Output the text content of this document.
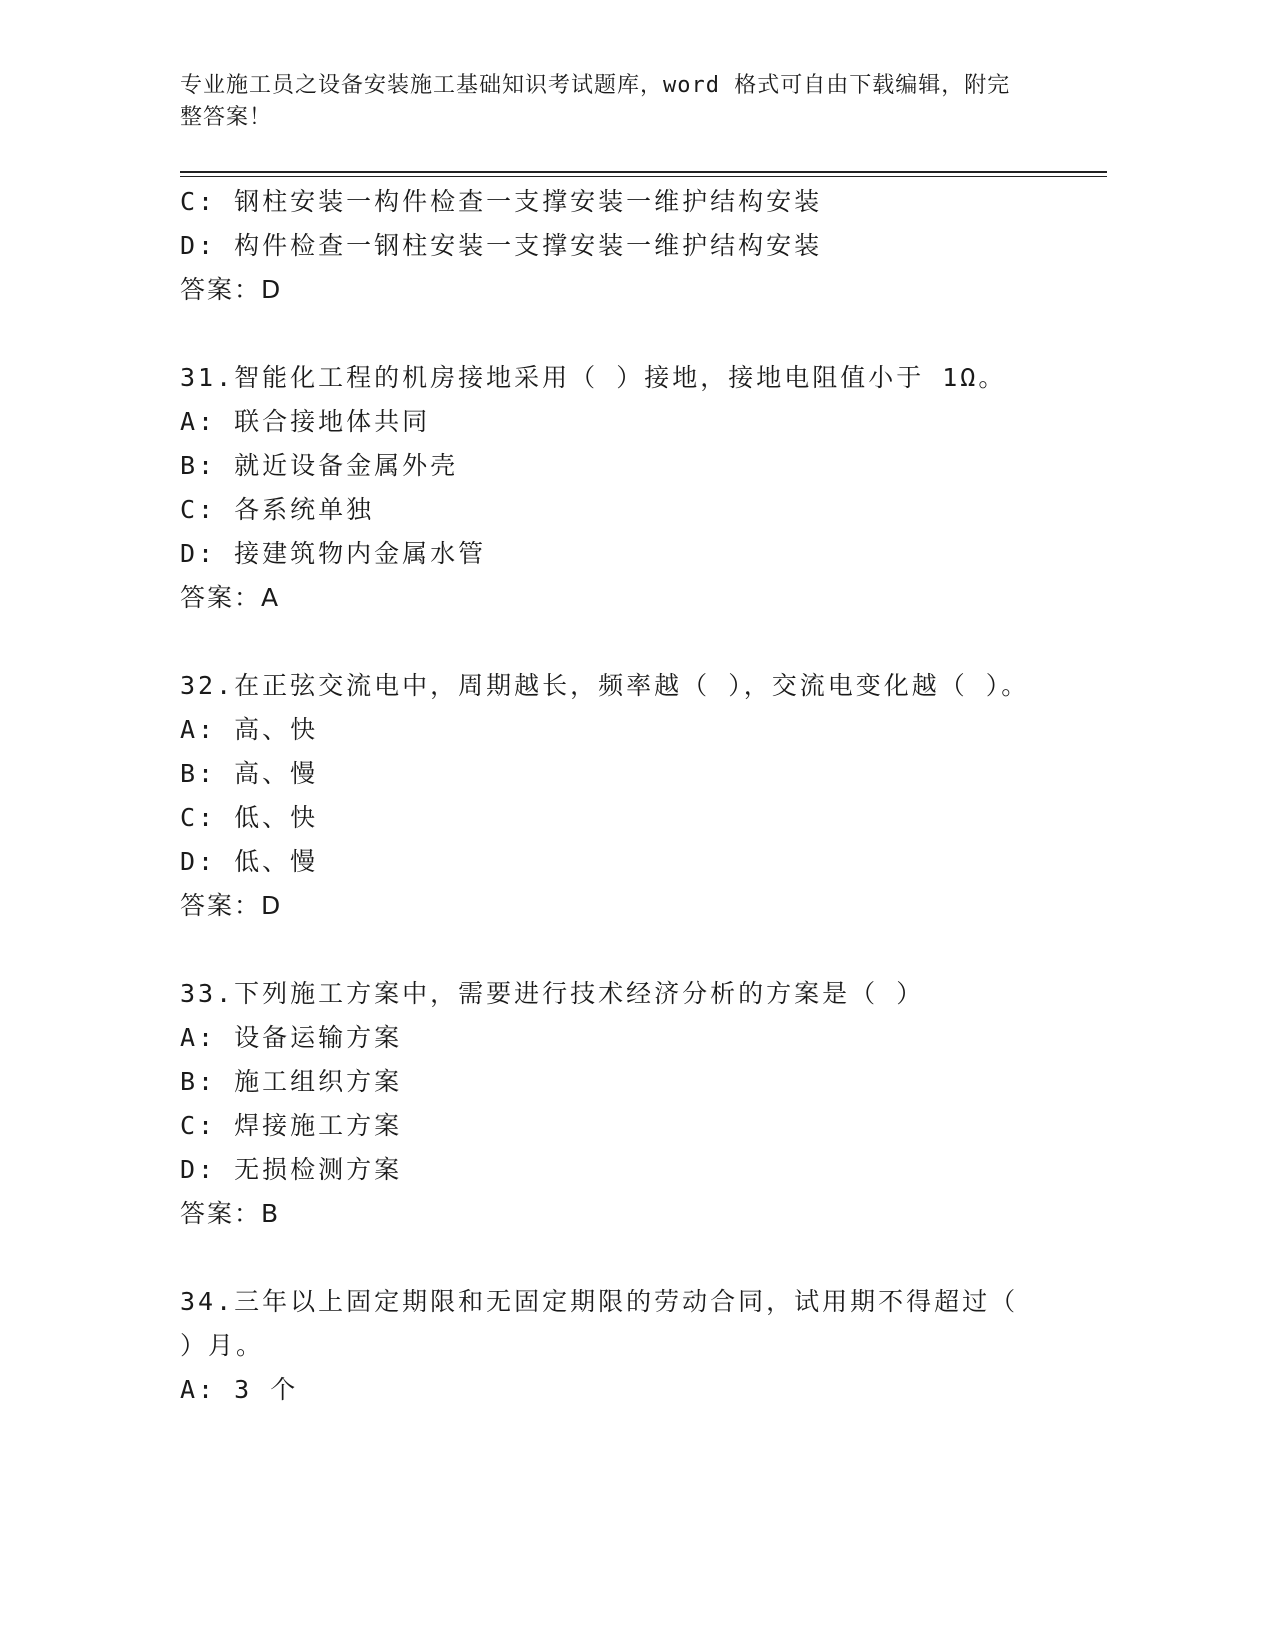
专业施工员之设备安装施工基础知识考试题库，word 格式可自由下载编辑，附完
整答案！
C: 钢柱安装一构件检查一支撑安装一维护结构安装
D: 构件检查一钢柱安装一支撑安装一维护结构安装
答案：D
31.智能化工程的机房接地采用（ ）接地，接地电阻值小于 1Ω。
A: 联合接地体共同
B: 就近设备金属外壳
C: 各系统单独
D: 接建筑物内金属水管
答案：A
32.在正弦交流电中，周期越长，频率越（ ），交流电变化越（ ）。
A: 高、快
B: 高、慢
C: 低、快
D: 低、慢
答案：D
33.下列施工方案中，需要进行技术经济分析的方案是（ ）
A: 设备运输方案
B: 施工组织方案
C: 焊接施工方案
D: 无损检测方案
答案：B
34.三年以上固定期限和无固定期限的劳动合同，试用期不得超过（
）月。
A: 3 个
